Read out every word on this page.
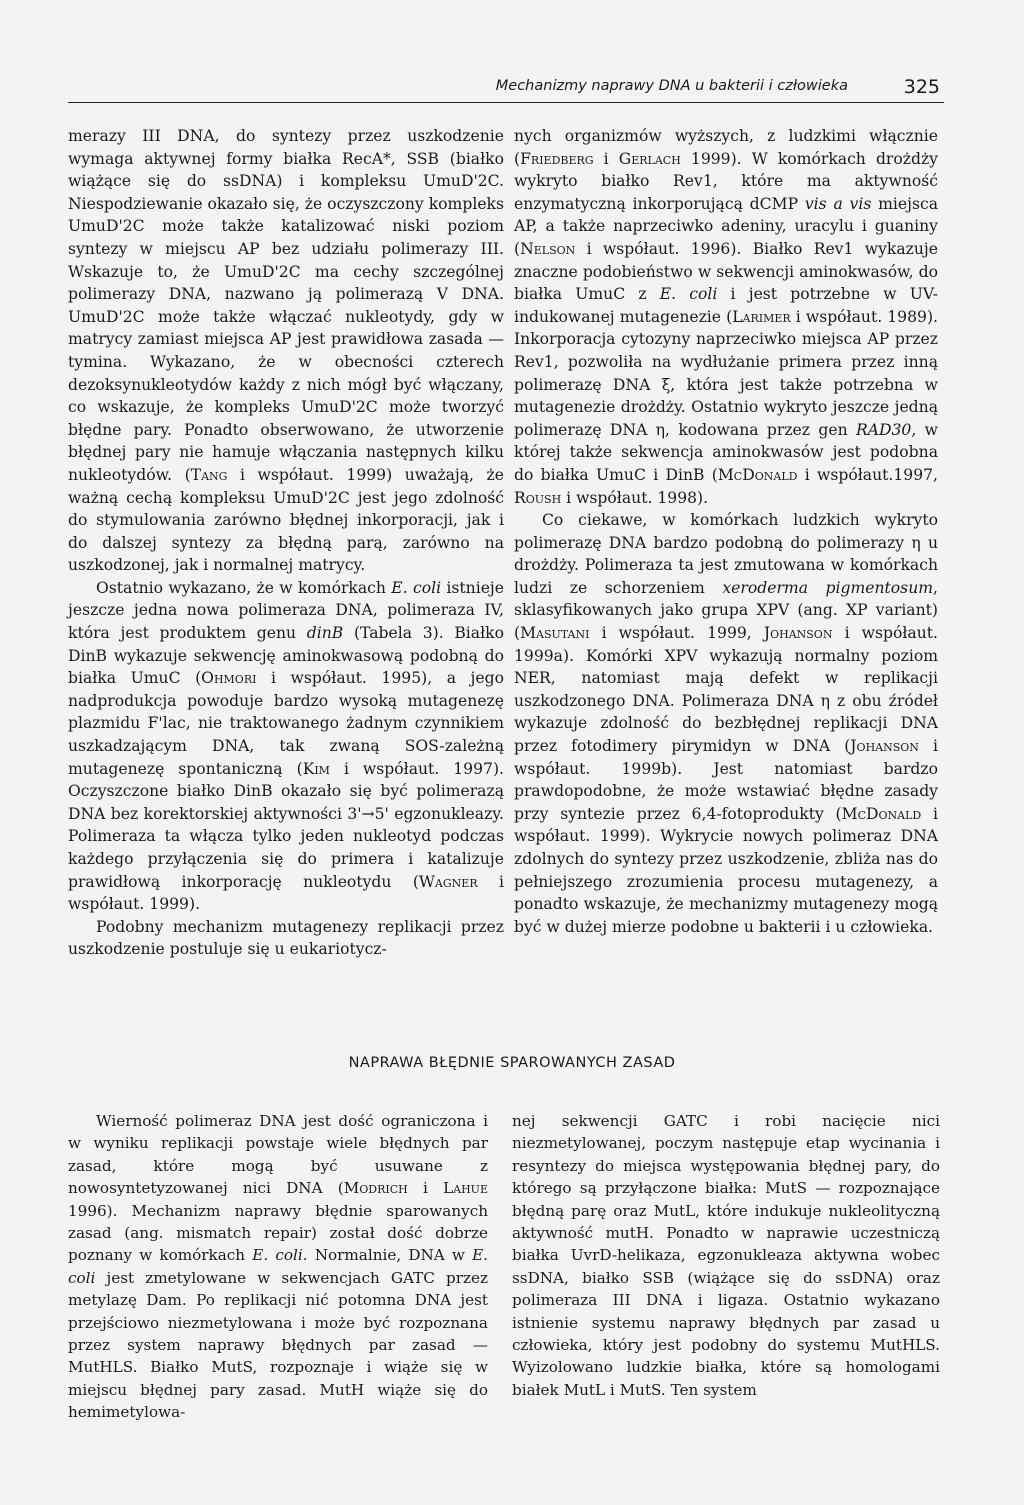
Mechanizmy naprawy DNA u bakterii i człowieka	325

merazy III DNA, do syntezy przez uszkodzenie wymaga aktywnej formy białka RecA*, SSB (białko wiążące się do ssDNA) i kompleksu UmuD'2C. Niespodziewanie okazało się, że oczyszczony kompleks UmuD'2C może także katalizować niski poziom syntezy w miejscu AP bez udziału polimerazy III. Wskazuje to, że UmuD'2C ma cechy szczególnej polimerazy DNA, nazwano ją polimerazą V DNA. UmuD'2C może także włączać nukleotydy, gdy w matrycy zamiast miejsca AP jest prawidłowa zasada — tymina. Wykazano, że w obecności czterech dezoksynukleotydów każdy z nich mógł być włączany, co wskazuje, że kompleks UmuD'2C może tworzyć błędne pary. Ponadto obserwowano, że utworzenie błędnej pary nie hamuje włączania następnych kilku nukleotydów. (Tang i współaut. 1999) uważają, że ważną cechą kompleksu UmuD'2C jest jego zdolność do stymulowania zarówno błędnej inkorporacji, jak i do dalszej syntezy za błędną parą, zarówno na uszkodzonej, jak i normalnej matrycy.

Ostatnio wykazano, że w komórkach E. coli istnieje jeszcze jedna nowa polimeraza DNA, polimeraza IV, która jest produktem genu dinB (Tabela 3). Białko DinB wykazuje sekwencję aminokwasową podobną do białka UmuC (Ohmori i współaut. 1995), a jego nadprodukcja powoduje bardzo wysoką mutagenezę plazmidu F'lac, nie traktowanego żadnym czynnikiem uszkadzającym DNA, tak zwaną SOS-zależną mutagenezę spontaniczną (Kim i współaut. 1997). Oczyszczone białko DinB okazało się być polimerazą DNA bez korektorskiej aktywności 3'→5' egzonukleazy. Polimeraza ta włącza tylko jeden nukleotyd podczas każdego przyłączenia się do primera i katalizuje prawidłową inkorporację nukleotydu (Wagner i współaut. 1999).

Podobny mechanizm mutagenezy replikacji przez uszkodzenie postuluje się u eukariotycz-

nych organizmów wyższych, z ludzkimi włącznie (Friedberg i Gerlach 1999). W komórkach drożdży wykryto białko Rev1, które ma aktywność enzymatyczną inkorporującą dCMP vis a vis miejsca AP, a także naprzeciwko adeniny, uracylu i guaniny (Nelson i współaut. 1996). Białko Rev1 wykazuje znaczne podobieństwo w sekwencji aminokwasów, do białka UmuC z E. coli i jest potrzebne w UV-indukowanej mutagenezie (Larimer i współaut. 1989). Inkorporacja cytozyny naprzeciwko miejsca AP przez Rev1, pozwoliła na wydłużanie primera przez inną polimerazę DNA ξ, która jest także potrzebna w mutagenezie drożdży. Ostatnio wykryto jeszcze jedną polimerazę DNA η, kodowana przez gen RAD30, w której także sekwencja aminokwasów jest podobna do białka UmuC i DinB (McDonald i współaut.1997, Roush i współaut. 1998).

Co ciekawe, w komórkach ludzkich wykryto polimerazę DNA bardzo podobną do polimerazy η u drożdży. Polimeraza ta jest zmutowana w komórkach ludzi ze schorzeniem xeroderma pigmentosum, sklasyfikowanych jako grupa XPV (ang. XP variant) (Masutani i współaut. 1999, Johanson i współaut. 1999a). Komórki XPV wykazują normalny poziom NER, natomiast mają defekt w replikacji uszkodzonego DNA. Polimeraza DNA η z obu źródeł wykazuje zdolność do bezbłędnej replikacji DNA przez fotodimery pirymidyn w DNA (Johanson i współaut. 1999b). Jest natomiast bardzo prawdopodobne, że może wstawiać błędne zasady przy syntezie przez 6,4-fotoprodukty (McDonald i współaut. 1999). Wykrycie nowych polimeraz DNA zdolnych do syntezy przez uszkodzenie, zbliża nas do pełniejszego zrozumienia procesu mutagenezy, a ponadto wskazuje, że mechanizmy mutagenezy mogą być w dużej mierze podobne u bakterii i u człowieka.

NAPRAWA BŁĘDNIE SPAROWANYCH ZASAD

Wierność polimeraz DNA jest dość ograniczona i w wyniku replikacji powstaje wiele błędnych par zasad, które mogą być usuwane z nowosyntetyzowanej nici DNA (Modrich i Lahue 1996). Mechanizm naprawy błędnie sparowanych zasad (ang. mismatch repair) został dość dobrze poznany w komórkach E. coli. Normalnie, DNA w E. coli jest zmetylowane w sekwencjach GATC przez metylazę Dam. Po replikacji nić potomna DNA jest przejściowo niezmetylowana i może być rozpoznana przez system naprawy błędnych par zasad — MutHLS. Białko MutS, rozpoznaje i wiąże się w miejscu błędnej pary zasad. MutH wiąże się do hemimetylowa-

nej sekwencji GATC i robi nacięcie nici niezmetylowanej, poczym następuje etap wycinania i resyntezy do miejsca występowania błędnej pary, do którego są przyłączone białka: MutS — rozpoznające błędną parę oraz MutL, które indukuje nukleolityczną aktywność mutH. Ponadto w naprawie uczestniczą białka UvrD-helikaza, egzonukleaza aktywna wobec ssDNA, białko SSB (wiążące się do ssDNA) oraz polimeraza III DNA i ligaza. Ostatnio wykazano istnienie systemu naprawy błędnych par zasad u człowieka, który jest podobny do systemu MutHLS. Wyizolowano ludzkie białka, które są homologami białek MutL i MutS. Ten system
